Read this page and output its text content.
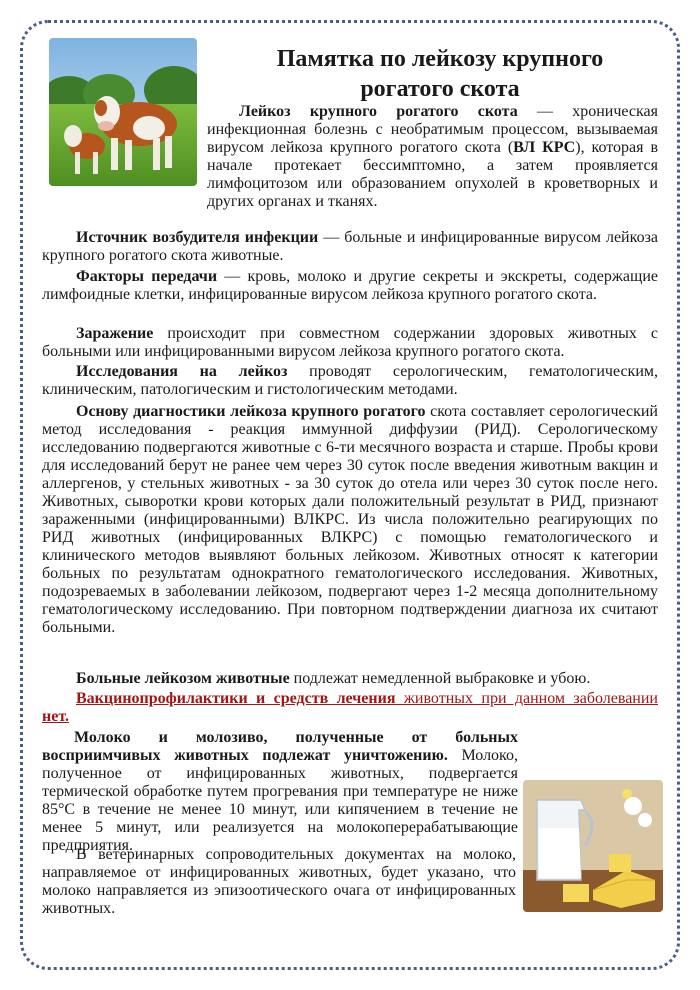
Памятка по лейкозу крупного
рогатого скота
Лейкоз крупного рогатого скота — хроническая инфекционная болезнь с необратимым процессом, вызываемая вирусом лейкоза крупного рогатого скота (ВЛ КРС), которая в начале протекает бессимптомно, а затем проявляется лимфоцитозом или образованием опухолей в кроветворных и других органах и тканях.
Источник возбудителя инфекции — больные и инфицированные вирусом лейкоза крупного рогатого скота животные.
Факторы передачи — кровь, молоко и другие секреты и экскреты, содержащие лимфоидные клетки, инфицированные вирусом лейкоза крупного рогатого скота.
Заражение происходит при совместном содержании здоровых животных с больными или инфицированными вирусом лейкоза крупного рогатого скота.
Исследования на лейкоз проводят серологическим, гематологическим, клиническим, патологическим и гистологическим методами.
Основу диагностики лейкоза крупного рогатого скота составляет серологический метод исследования - реакция иммунной диффузии (РИД). Серологическому исследованию подвергаются животные с 6-ти месячного возраста и старше. Пробы крови для исследований берут не ранее чем через 30 суток после введения животным вакцин и аллергенов, у стельных животных - за 30 суток до отела или через 30 суток после него. Животных, сыворотки крови которых дали положительный результат в РИД, признают зараженными (инфицированными) ВЛКРС. Из числа положительно реагирующих по РИД животных (инфицированных ВЛКРС) с помощью гематологического и клинического методов выявляют больных лейкозом. Животных относят к категории больных по результатам однократного гематологического исследования. Животных, подозреваемых в заболевании лейкозом, подвергают через 1-2 месяца дополнительному гематологическому исследованию. При повторном подтверждении диагноза их считают больными.
Больные лейкозом животные подлежат немедленной выбраковке и убою.
Вакцинопрофилактики и средств лечения животных при данном заболевании нет.
Молоко и молозиво, полученные от больных восприимчивых животных подлежат уничтожению. Молоко, полученное от инфицированных животных, подвергается термической обработке путем прогревания при температуре не ниже 85°С в течение не менее 10 минут, или кипячением в течение не менее 5 минут, или реализуется на молокоперерабатывающие предприятия.
В ветеринарных сопроводительных документах на молоко, направляемое от инфицированных животных, будет указано, что молоко направляется из эпизоотического очага от инфицированных животных.
